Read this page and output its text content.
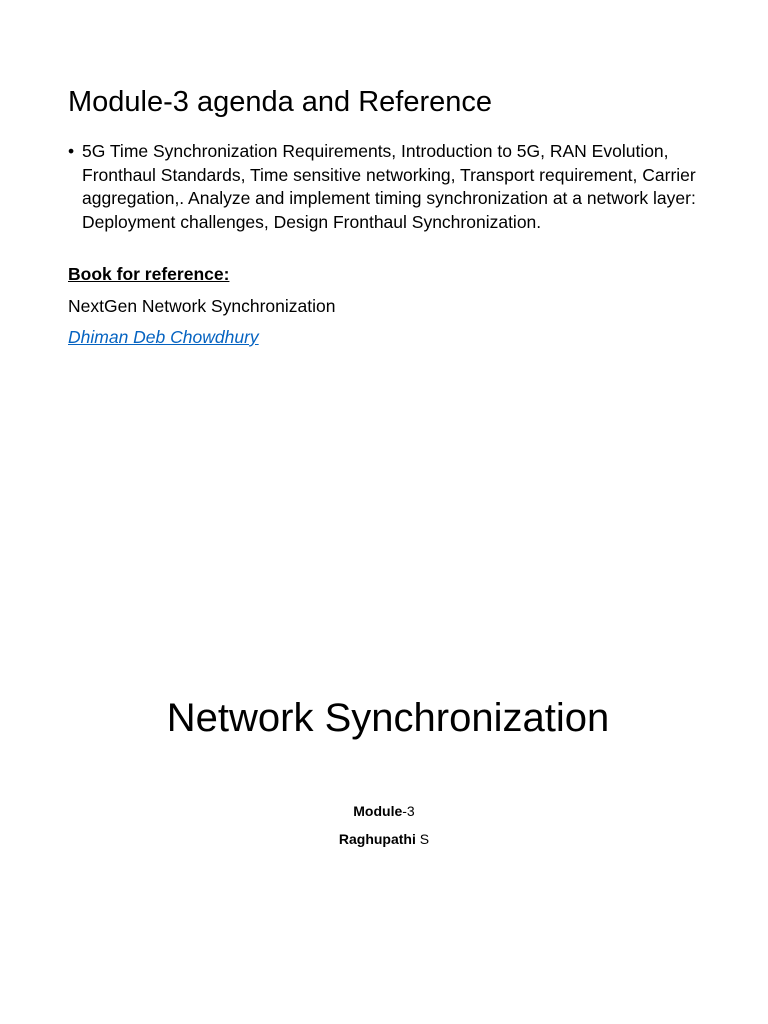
Module-3 agenda and Reference
• 5G Time Synchronization Requirements, Introduction to 5G, RAN Evolution, Fronthaul Standards, Time sensitive networking, Transport requirement, Carrier aggregation,. Analyze and implement timing synchronization at a network layer: Deployment challenges, Design Fronthaul Synchronization.
Book for reference:
NextGen Network Synchronization
Dhiman Deb Chowdhury
Network Synchronization
Module-3
Raghupathi S
